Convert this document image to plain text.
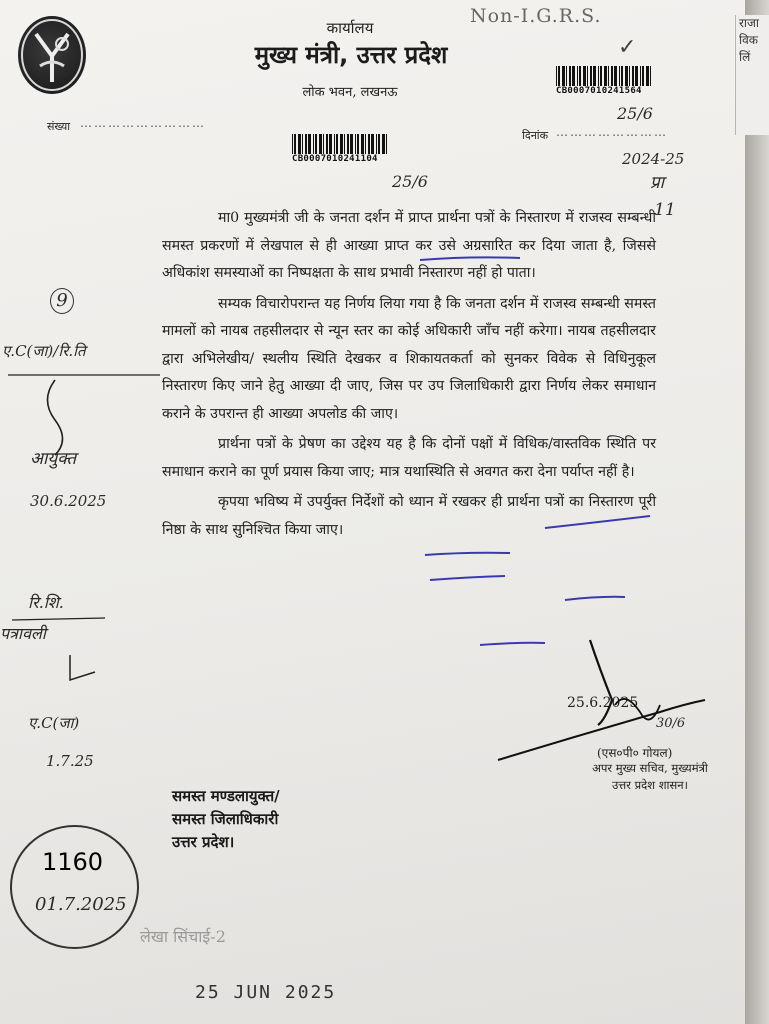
कार्यालय
मुख्य मंत्री, उत्तर प्रदेश
लोक भवन, लखनऊ
संख्या ………………………
दिनांक ……………………
Non-I.G.R.S.
✓
CB0007010241564
25/6
CB0007010241104
25/6
2024-25
प्रा
11

मा0 मुख्यमंत्री जी के जनता दर्शन में प्राप्त प्रार्थना पत्रों के निस्तारण में राजस्व सम्बन्धी समस्त प्रकरणों में लेखपाल से ही आख्या प्राप्त कर उसे अग्रसारित कर दिया जाता है, जिससे अधिकांश समस्याओं का निष्पक्षता के साथ प्रभावी निस्तारण नहीं हो पाता।

सम्यक विचारोपरान्त यह निर्णय लिया गया है कि जनता दर्शन में राजस्व सम्बन्धी समस्त मामलों को नायब तहसीलदार से न्यून स्तर का कोई अधिकारी जाँच नहीं करेगा। नायब तहसीलदार द्वारा अभिलेखीय/ स्थलीय स्थिति देखकर व शिकायतकर्ता को सुनकर विवेक से विधिनुकूल निस्तारण किए जाने हेतु आख्या दी जाए, जिस पर उप जिलाधिकारी द्वारा निर्णय लेकर समाधान कराने के उपरान्त ही आख्या अपलोड की जाए।

प्रार्थना पत्रों के प्रेषण का उद्देश्य यह है कि दोनों पक्षों में विधिक/वास्तविक स्थिति पर समाधान कराने का पूर्ण प्रयास किया जाए; मात्र यथास्थिति से अवगत करा देना पर्याप्त नहीं है।

कृपया भविष्य में उपर्युक्त निर्देशों को ध्यान में रखकर ही प्रार्थना पत्रों का निस्तारण पूरी निष्ठा के साथ सुनिश्चित किया जाए।

9
ए.C(जा)/रि.ति
आयुक्त
30.6.2025
रि.शि.
पत्रावली
ए.C(जा)
1.7.25
25.6.2025
30/6
(एस०पी० गोयल)
अपर मुख्य सचिव, मुख्यमंत्री
उत्तर प्रदेश शासन।
समस्त मण्डलायुक्त/
समस्त जिलाधिकारी
उत्तर प्रदेश।
1160
01.7.2025
लेखा सिंचाई-2
25 JUN 2025
राजा
विक
लिं
